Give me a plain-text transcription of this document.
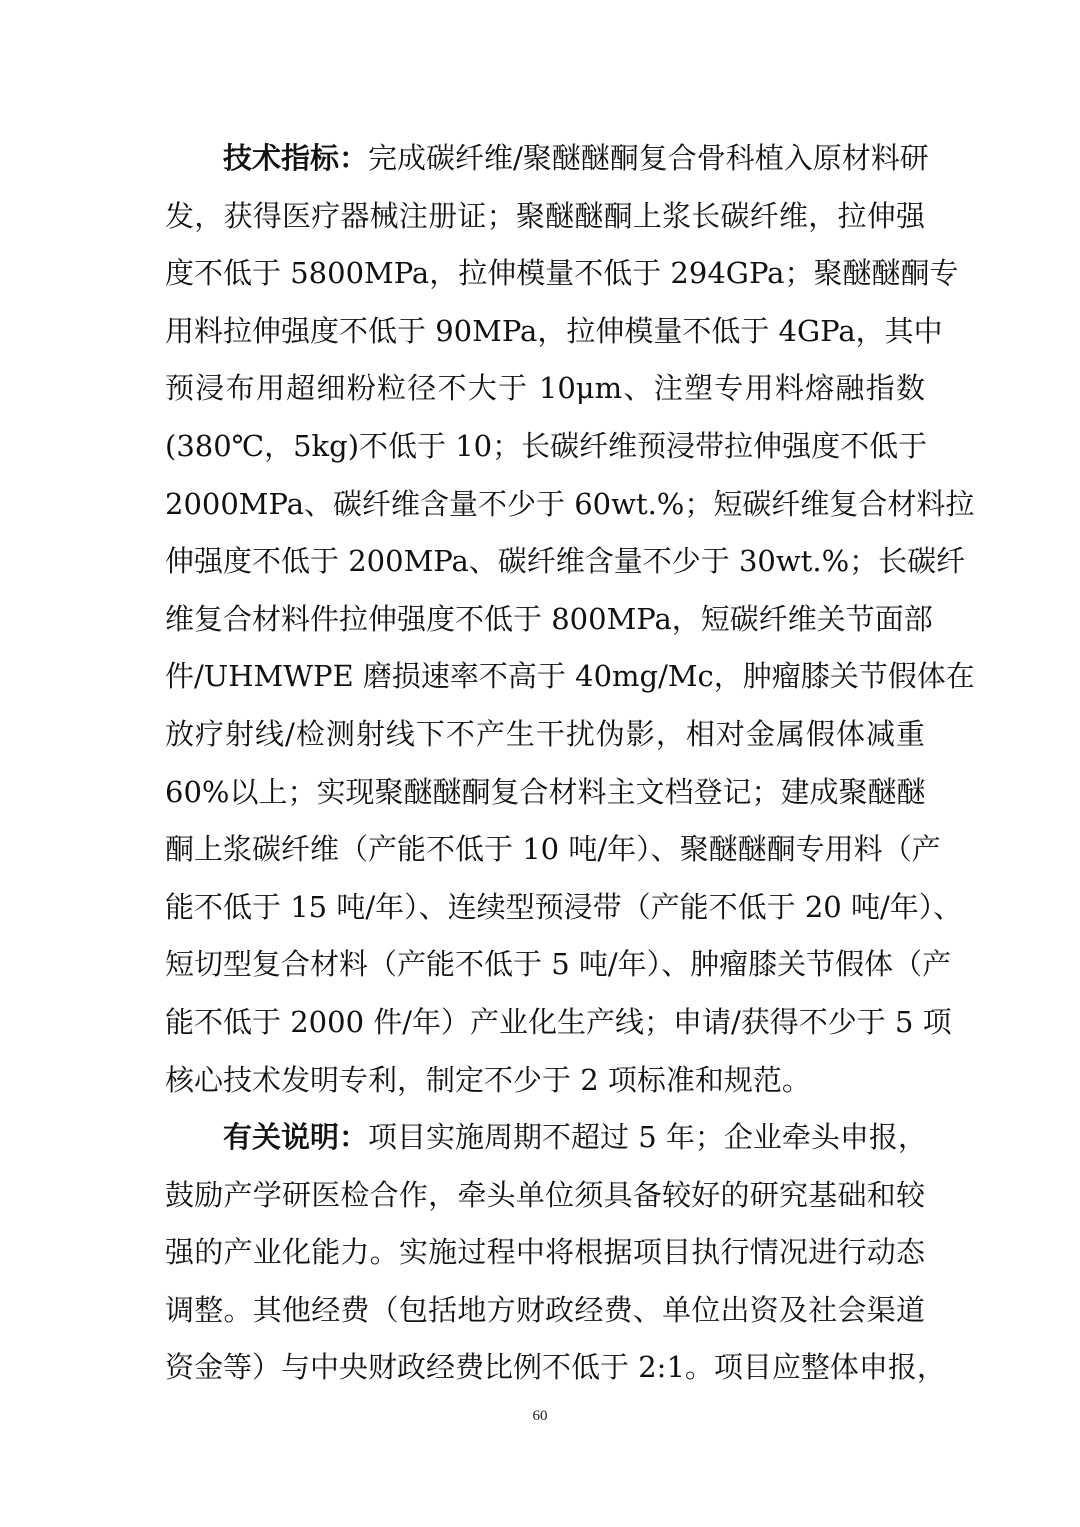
技术指标：完成碳纤维/聚醚醚酮复合骨科植入原材料研
发，获得医疗器械注册证；聚醚醚酮上浆长碳纤维，拉伸强
度不低于 5800MPa，拉伸模量不低于 294GPa；聚醚醚酮专
用料拉伸强度不低于 90MPa，拉伸模量不低于 4GPa，其中
预浸布用超细粉粒径不大于 10μm、注塑专用料熔融指数
(380℃，5kg)不低于 10；长碳纤维预浸带拉伸强度不低于
2000MPa、碳纤维含量不少于 60wt.%；短碳纤维复合材料拉
伸强度不低于 200MPa、碳纤维含量不少于 30wt.%；长碳纤
维复合材料件拉伸强度不低于 800MPa，短碳纤维关节面部
件/UHMWPE 磨损速率不高于 40mg/Mc，肿瘤膝关节假体在
放疗射线/检测射线下不产生干扰伪影，相对金属假体减重
60%以上；实现聚醚醚酮复合材料主文档登记；建成聚醚醚
酮上浆碳纤维（产能不低于 10 吨/年）、聚醚醚酮专用料（产
能不低于 15 吨/年）、连续型预浸带（产能不低于 20 吨/年）、
短切型复合材料（产能不低于 5 吨/年）、肿瘤膝关节假体（产
能不低于 2000 件/年）产业化生产线；申请/获得不少于 5 项
核心技术发明专利，制定不少于 2 项标准和规范。
有关说明：项目实施周期不超过 5 年；企业牵头申报，
鼓励产学研医检合作，牵头单位须具备较好的研究基础和较
强的产业化能力。实施过程中将根据项目执行情况进行动态
调整。其他经费（包括地方财政经费、单位出资及社会渠道
资金等）与中央财政经费比例不低于 2:1。项目应整体申报，
60
